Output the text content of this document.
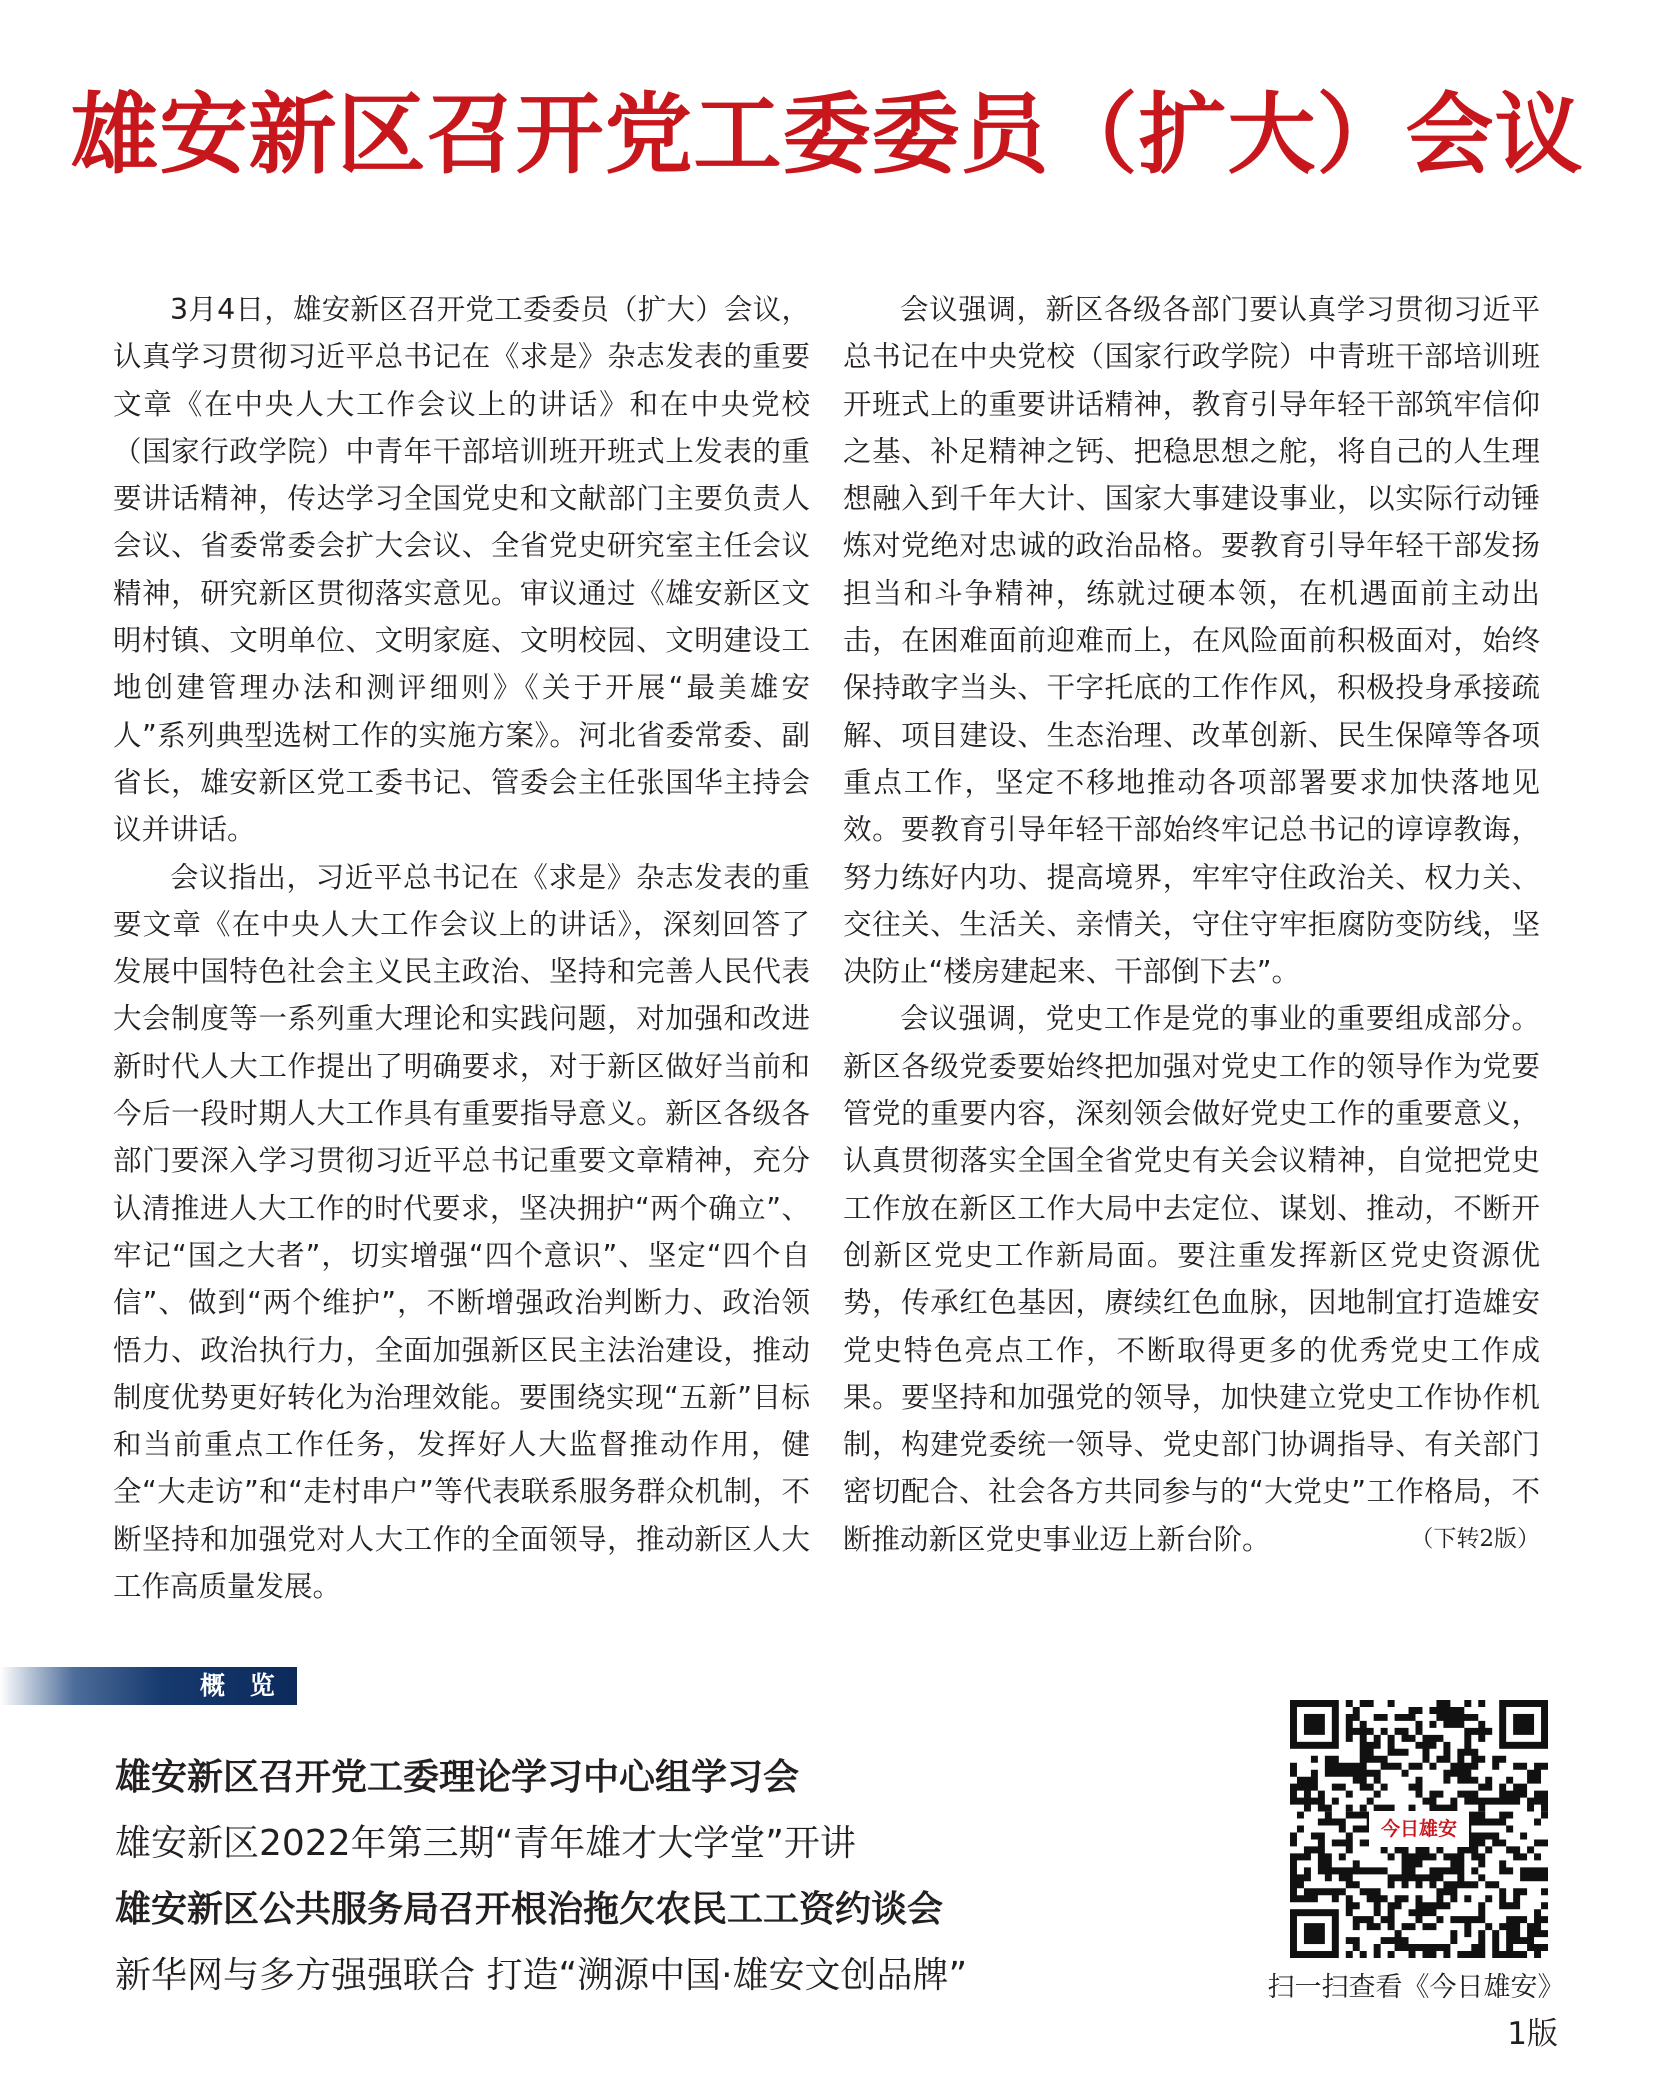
雄安新区召开党工委委员（扩大）会议

3月4日，雄安新区召开党工委委员（扩大）会议，认真学习贯彻习近平总书记在《求是》杂志发表的重要文章《在中央人大工作会议上的讲话》和在中央党校（国家行政学院）中青年干部培训班开班式上发表的重要讲话精神，传达学习全国党史和文献部门主要负责人会议、省委常委会扩大会议、全省党史研究室主任会议精神，研究新区贯彻落实意见。审议通过《雄安新区文明村镇、文明单位、文明家庭、文明校园、文明建设工地创建管理办法和测评细则》《关于开展“最美雄安人”系列典型选树工作的实施方案》。河北省委常委、副省长，雄安新区党工委书记、管委会主任张国华主持会议并讲话。

会议指出，习近平总书记在《求是》杂志发表的重要文章《在中央人大工作会议上的讲话》，深刻回答了发展中国特色社会主义民主政治、坚持和完善人民代表大会制度等一系列重大理论和实践问题，对加强和改进新时代人大工作提出了明确要求，对于新区做好当前和今后一段时期人大工作具有重要指导意义。新区各级各部门要深入学习贯彻习近平总书记重要文章精神，充分认清推进人大工作的时代要求，坚决拥护“两个确立”、牢记“国之大者”，切实增强“四个意识”、坚定“四个自信”、做到“两个维护”，不断增强政治判断力、政治领悟力、政治执行力，全面加强新区民主法治建设，推动制度优势更好转化为治理效能。要围绕实现“五新”目标和当前重点工作任务，发挥好人大监督推动作用，健全“大走访”和“走村串户”等代表联系服务群众机制，不断坚持和加强党对人大工作的全面领导，推动新区人大工作高质量发展。

会议强调，新区各级各部门要认真学习贯彻习近平总书记在中央党校（国家行政学院）中青班干部培训班开班式上的重要讲话精神，教育引导年轻干部筑牢信仰之基、补足精神之钙、把稳思想之舵，将自己的人生理想融入到千年大计、国家大事建设事业，以实际行动锤炼对党绝对忠诚的政治品格。要教育引导年轻干部发扬担当和斗争精神，练就过硬本领，在机遇面前主动出击，在困难面前迎难而上，在风险面前积极面对，始终保持敢字当头、干字托底的工作作风，积极投身承接疏解、项目建设、生态治理、改革创新、民生保障等各项重点工作，坚定不移地推动各项部署要求加快落地见效。要教育引导年轻干部始终牢记总书记的谆谆教诲，努力练好内功、提高境界，牢牢守住政治关、权力关、交往关、生活关、亲情关，守住守牢拒腐防变防线，坚决防止“楼房建起来、干部倒下去”。

会议强调，党史工作是党的事业的重要组成部分。新区各级党委要始终把加强对党史工作的领导作为党要管党的重要内容，深刻领会做好党史工作的重要意义，认真贯彻落实全国全省党史有关会议精神，自觉把党史工作放在新区工作大局中去定位、谋划、推动，不断开创新区党史工作新局面。要注重发挥新区党史资源优势，传承红色基因，赓续红色血脉，因地制宜打造雄安党史特色亮点工作，不断取得更多的优秀党史工作成果。要坚持和加强党的领导，加快建立党史工作协作机制，构建党委统一领导、党史部门协调指导、有关部门密切配合、社会各方共同参与的“大党史”工作格局，不断推动新区党史事业迈上新台阶。	（下转2版）
概 览
雄安新区召开党工委理论学习中心组学习会
雄安新区2022年第三期“青年雄才大学堂”开讲
雄安新区公共服务局召开根治拖欠农民工工资约谈会
新华网与多方强强联合 打造“溯源中国·雄安文创品牌”
今日雄安
扫一扫查看《今日雄安》
1版
